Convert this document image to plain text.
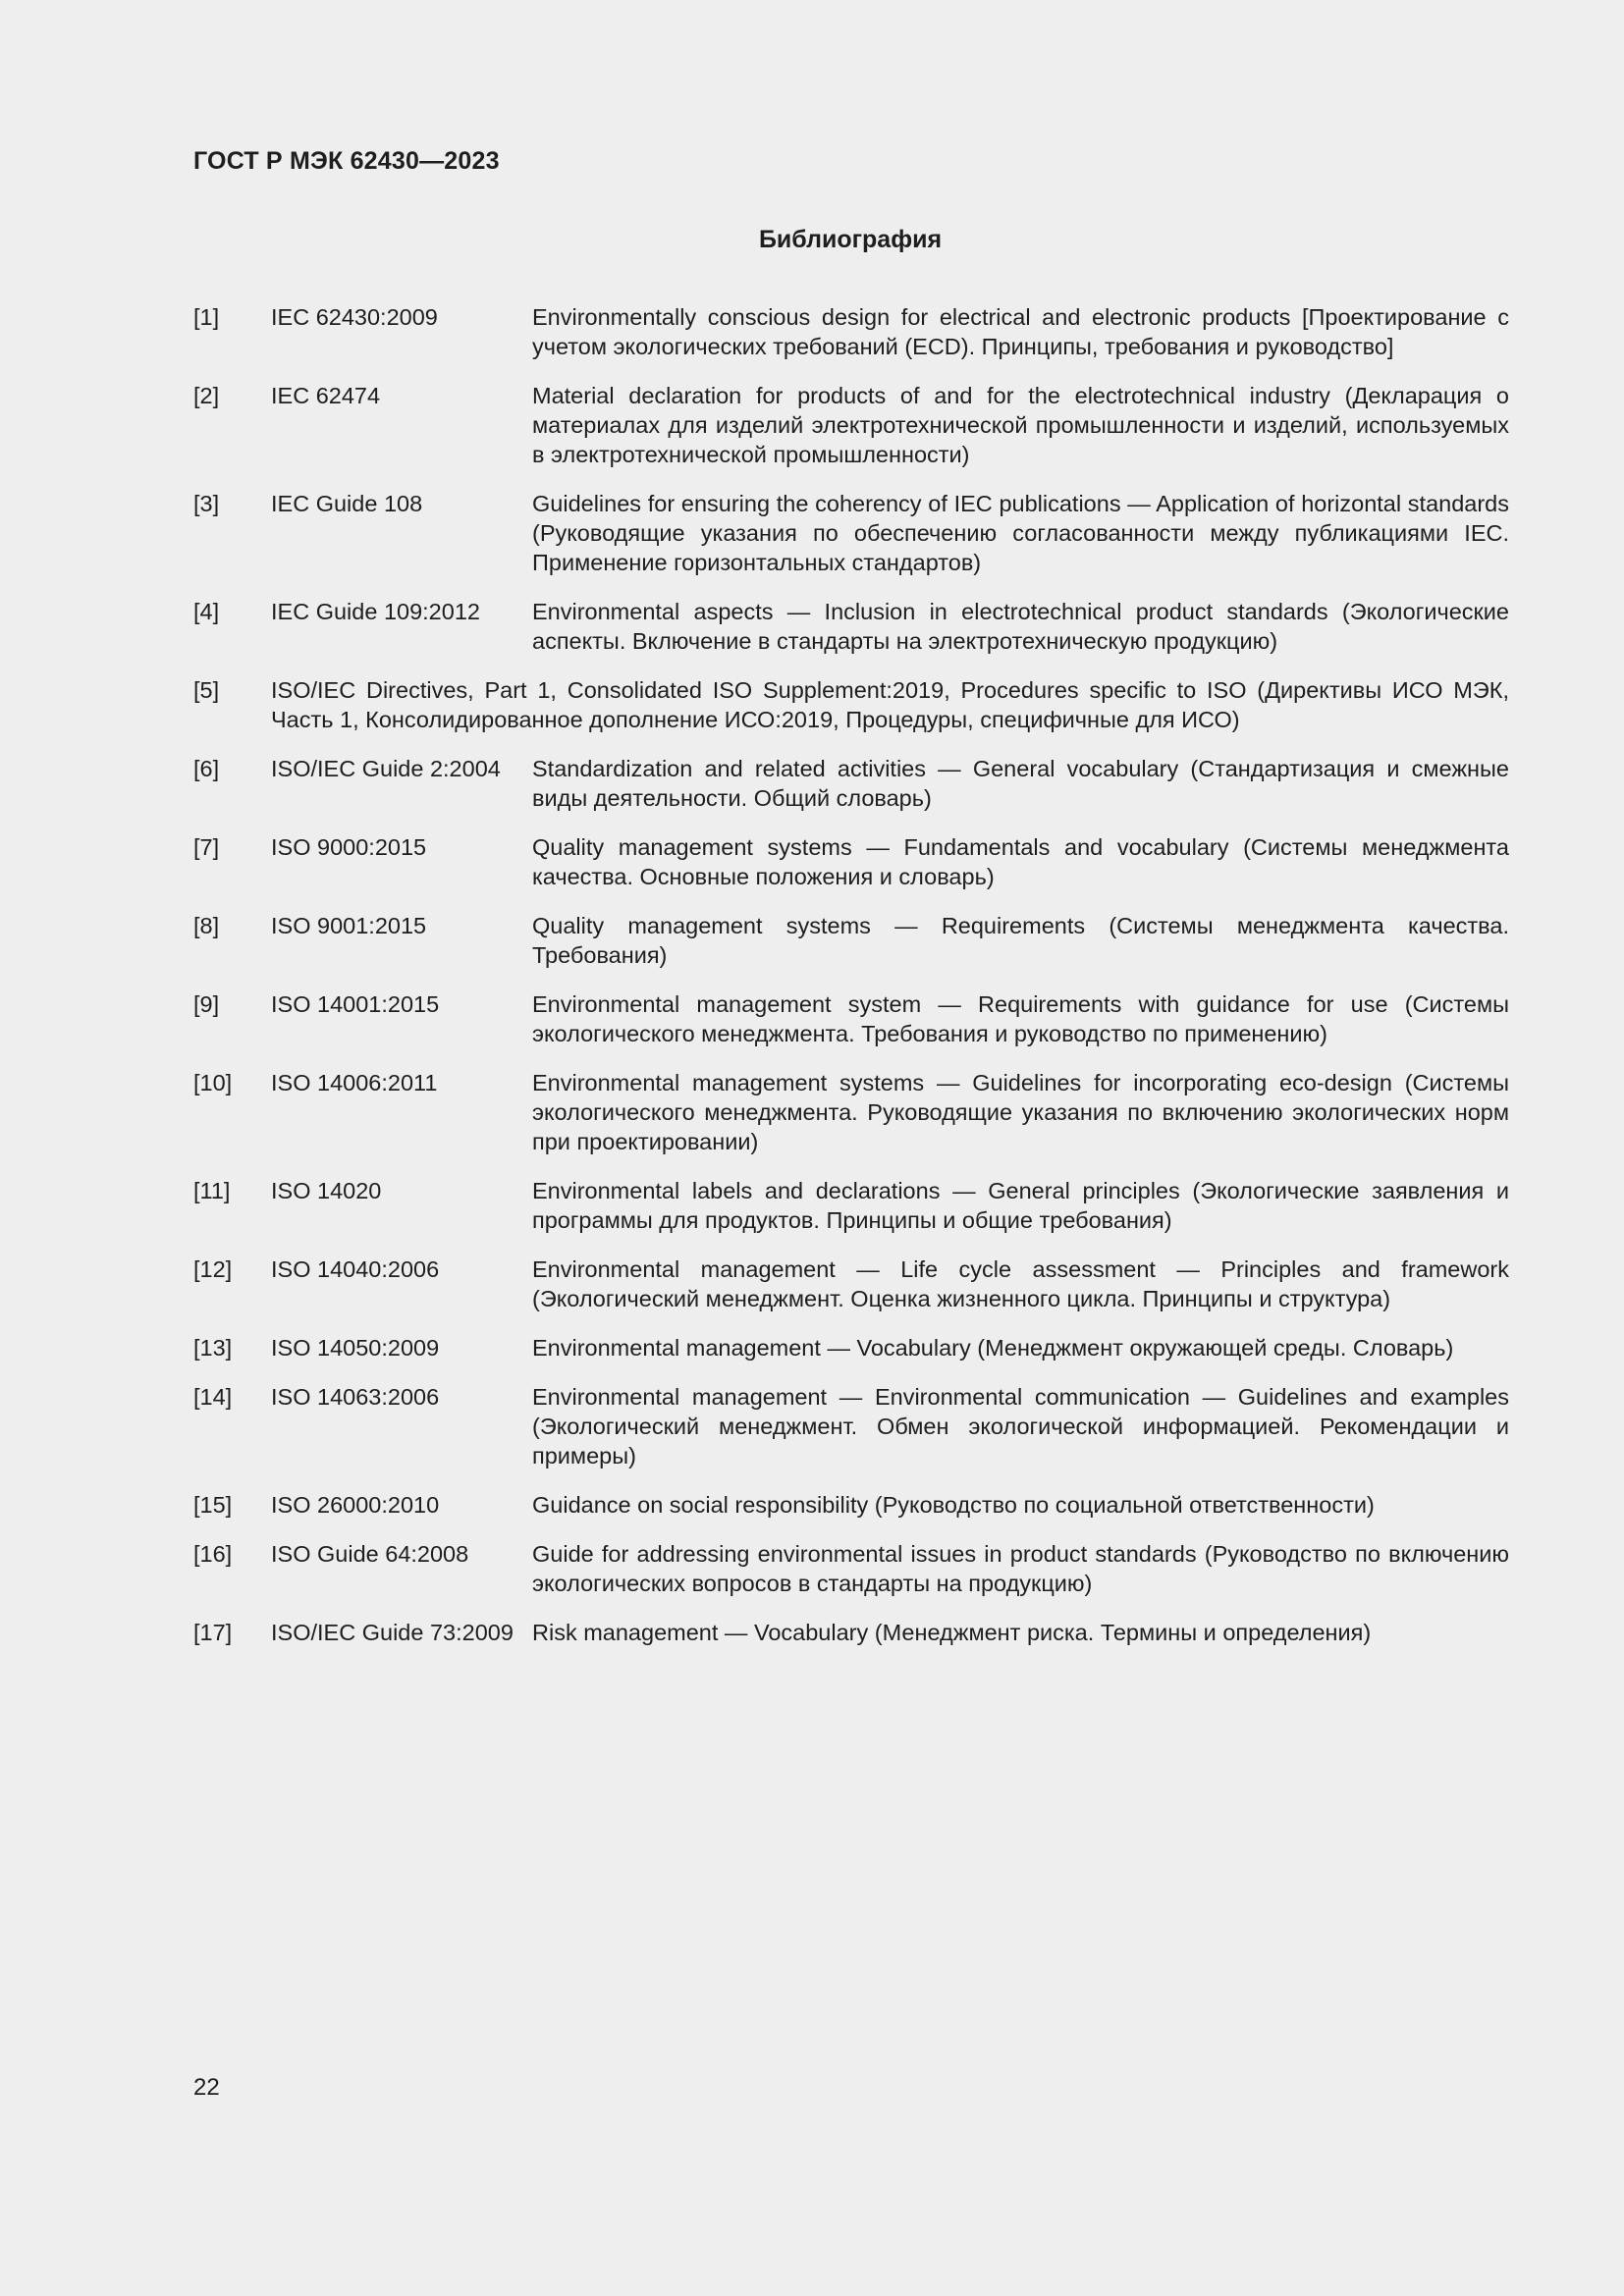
ГОСТ Р МЭК 62430—2023
Библиография
[1]	IEC 62430:2009	Environmentally conscious design for electrical and electronic products [Проектирование с учетом экологических требований (ECD). Принципы, требования и руководство]
[2]	IEC 62474	Material declaration for products of and for the electrotechnical industry (Декларация о материалах для изделий электротехнической промышленности и изделий, используемых в электротехнической промышленности)
[3]	IEC Guide 108	Guidelines for ensuring the coherency of IEC publications — Application of horizontal standards (Руководящие указания по обеспечению согласованности между публикациями IEC. Применение горизонтальных стандартов)
[4]	IEC Guide 109:2012	Environmental aspects — Inclusion in electrotechnical product standards (Экологические аспекты. Включение в стандарты на электротехническую продукцию)
[5]	ISO/IEC Directives, Part 1, Consolidated ISO Supplement:2019, Procedures specific to ISO (Директивы ИСО МЭК, Часть 1, Консолидированное дополнение ИСО:2019, Процедуры, специфичные для ИСО)
[6]	ISO/IEC Guide 2:2004	Standardization and related activities — General vocabulary (Стандартизация и смежные виды деятельности. Общий словарь)
[7]	ISO 9000:2015	Quality management systems — Fundamentals and vocabulary (Системы менеджмента качества. Основные положения и словарь)
[8]	ISO 9001:2015	Quality management systems — Requirements (Системы менеджмента качества. Требования)
[9]	ISO 14001:2015	Environmental management system — Requirements with guidance for use (Системы экологического менеджмента. Требования и руководство по применению)
[10]	ISO 14006:2011	Environmental management systems — Guidelines for incorporating eco-design (Системы экологического менеджмента. Руководящие указания по включению экологических норм при проектировании)
[11]	ISO 14020	Environmental labels and declarations — General principles (Экологические заявления и программы для продуктов. Принципы и общие требования)
[12]	ISO 14040:2006	Environmental management — Life cycle assessment — Principles and framework (Экологический менеджмент. Оценка жизненного цикла. Принципы и структура)
[13]	ISO 14050:2009	Environmental management — Vocabulary (Менеджмент окружающей среды. Словарь)
[14]	ISO 14063:2006	Environmental management — Environmental communication — Guidelines and examples (Экологический менеджмент. Обмен экологической информацией. Рекомендации и примеры)
[15]	ISO 26000:2010	Guidance on social responsibility (Руководство по социальной ответственности)
[16]	ISO Guide 64:2008	Guide for addressing environmental issues in product standards (Руководство по включению экологических вопросов в стандарты на продукцию)
[17]	ISO/IEC Guide 73:2009 Risk management — Vocabulary (Менеджмент риска. Термины и определения)
22
